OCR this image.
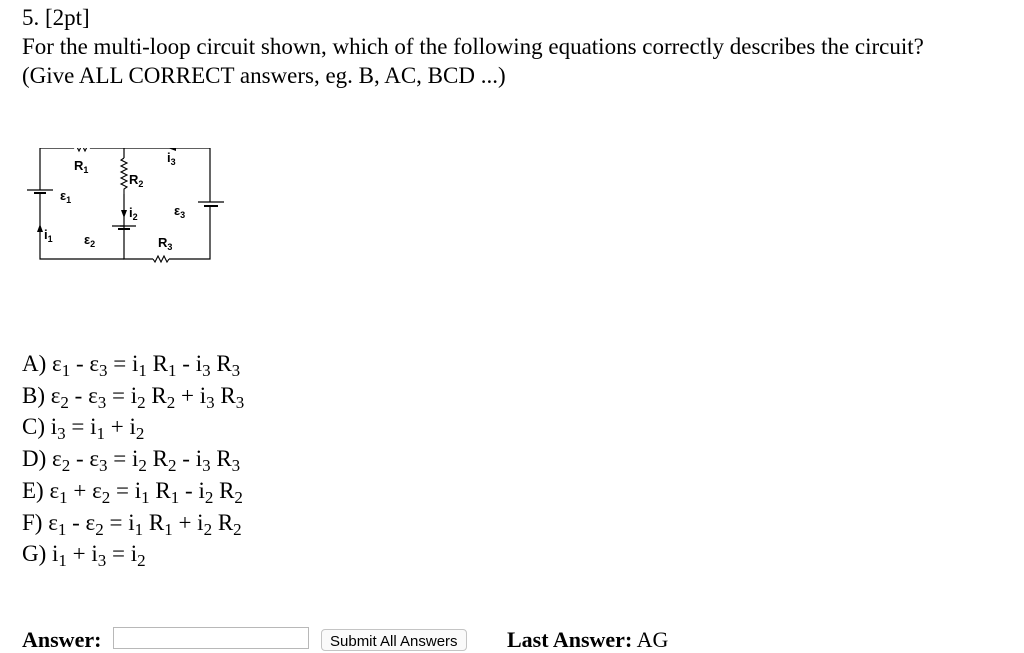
5. [2pt]
For the multi-loop circuit shown, which of the following equations correctly describes the circuit?
(Give ALL CORRECT answers, eg. B, AC, BCD ...)
$R_1$
$R_2$
$R_3$
$\varepsilon_1$
$\varepsilon_2$
$\varepsilon_3$
$i_1$
$i_2$
$i_3$
A) $\varepsilon_1 - \varepsilon_3 = i_1$ $R_1 - i_3$ $R_3$
B) $\varepsilon_2 - \varepsilon_3 = i_2$ $R_2 + i_3$ $R_3$
C) $i_3 = i_1 + i_2$
D) $\varepsilon_2 - \varepsilon_3 = i_2$ $R_2 - i_3$ $R_3$
E) $\varepsilon_1 + \varepsilon_2 = i_1$ $R_1 - i_2$ $R_2$
F) $\varepsilon_1 - \varepsilon_2 = i_1$ $R_1 + i_2$ $R_2$
G) $i_1 + i_3 = i_2$
Answer:	Submit All Answers	Last Answer: AG
